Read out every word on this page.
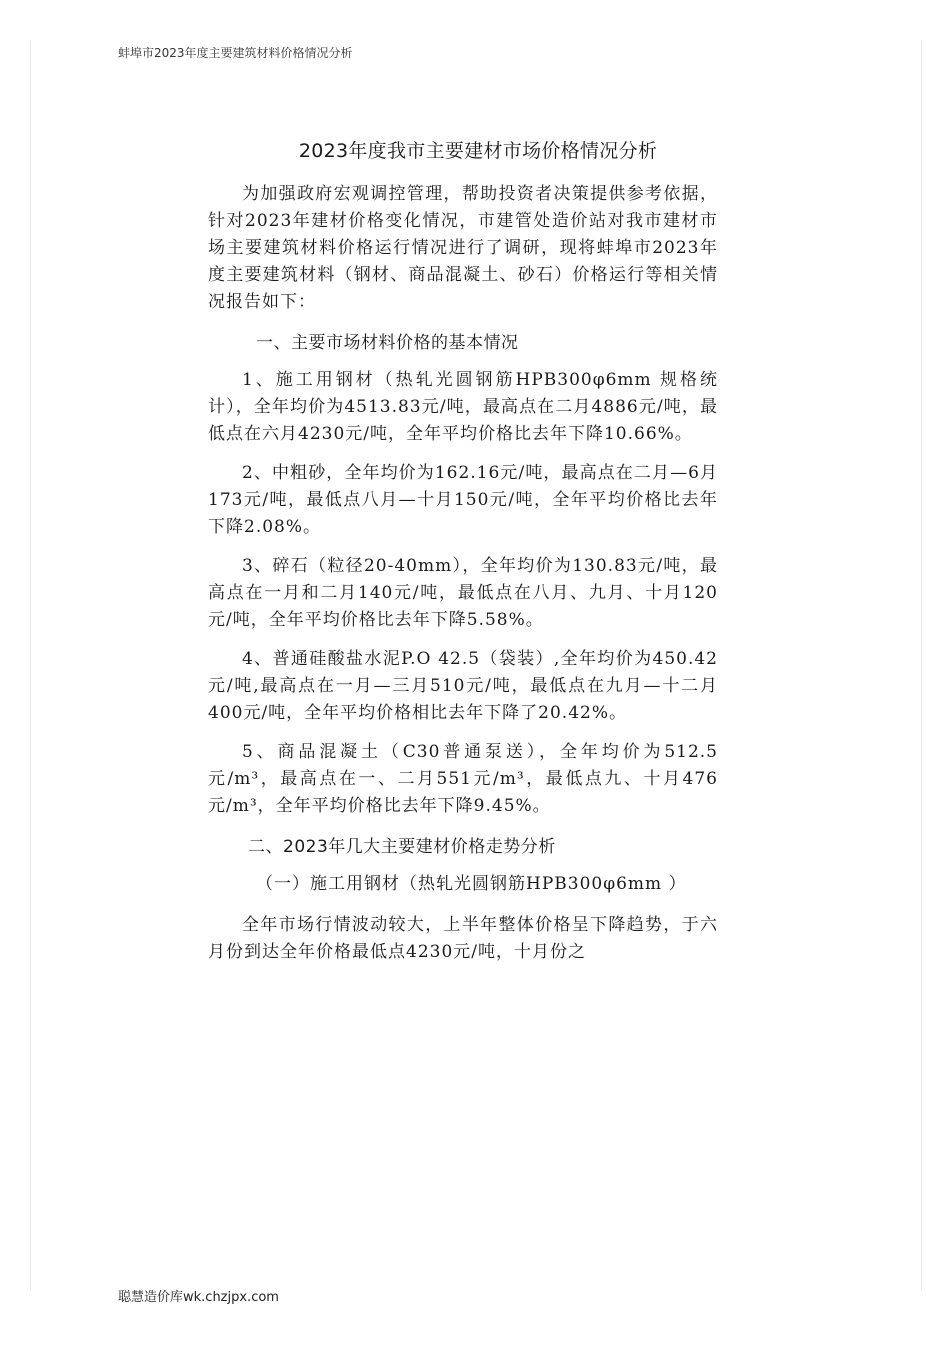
蚌埠市2023年度主要建筑材料价格情况分析
2023年度我市主要建材市场价格情况分析

为加强政府宏观调控管理，帮助投资者决策提供参考依据，针对2023年建材价格变化情况，市建管处造价站对我市建材市场主要建筑材料价格运行情况进行了调研，现将蚌埠市2023年度主要建筑材料（钢材、商品混凝土、砂石）价格运行等相关情况报告如下：

一、主要市场材料价格的基本情况

1、施工用钢材（热轧光圆钢筋HPB300φ6mm 规格统计），全年均价为4513.83元/吨，最高点在二月4886元/吨，最低点在六月4230元/吨，全年平均价格比去年下降10.66%。

2、中粗砂，全年均价为162.16元/吨，最高点在二月—6月173元/吨，最低点八月—十月150元/吨，全年平均价格比去年下降2.08%。

3、碎石（粒径20-40mm），全年均价为130.83元/吨，最高点在一月和二月140元/吨，最低点在八月、九月、十月120元/吨，全年平均价格比去年下降5.58%。

4、普通硅酸盐水泥P.O 42.5（袋装）,全年均价为450.42元/吨,最高点在一月—三月510元/吨，最低点在九月—十二月400元/吨，全年平均价格相比去年下降了20.42%。

5、商品混凝土（C30普通泵送），全年均价为512.5元/m³，最高点在一、二月551元/m³，最低点九、十月476元/m³，全年平均价格比去年下降9.45%。

二、2023年几大主要建材价格走势分析
（一）施工用钢材（热轧光圆钢筋HPB300φ6mm ）

全年市场行情波动较大，上半年整体价格呈下降趋势，于六月份到达全年价格最低点4230元/吨，十月份之

聪慧造价库wk.chzjpx.com
